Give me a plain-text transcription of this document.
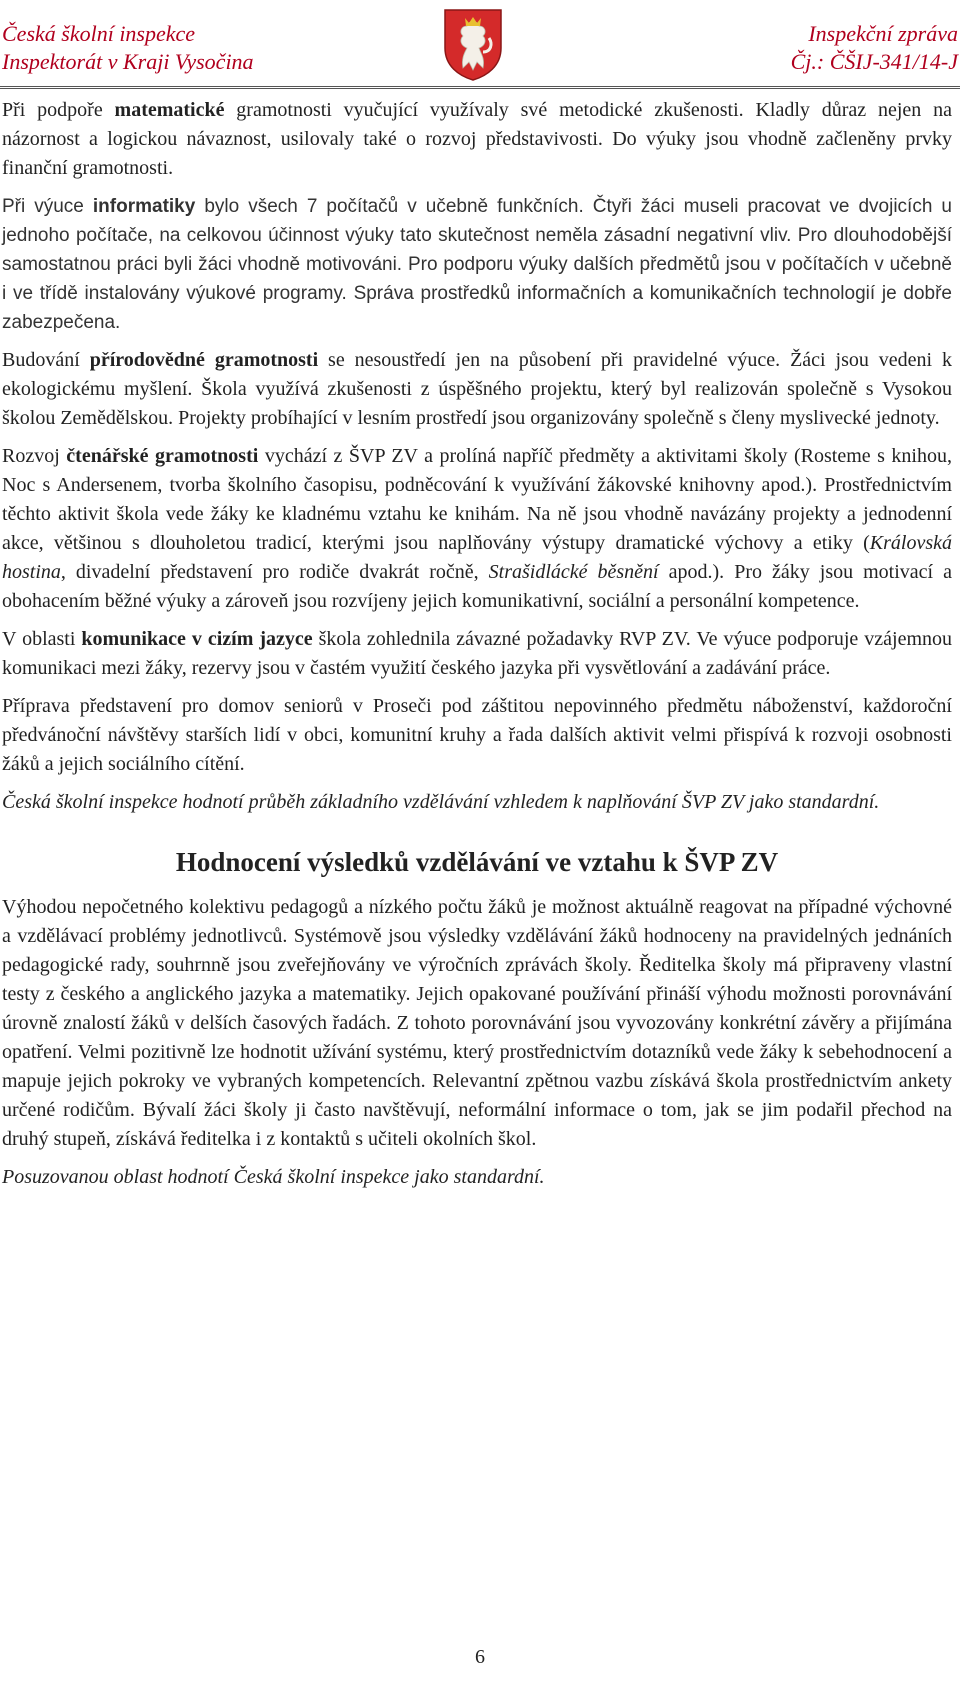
Česká školní inspekce
Inspektorát v Kraji Vysočina
Inspekční zpráva
Čj.: ČŠIJ-341/14-J

Při podpoře matematické gramotnosti vyučující využívaly své metodické zkušenosti. Kladly důraz nejen na názornost a logickou návaznost, usilovaly také o rozvoj představivosti. Do výuky jsou vhodně začleněny prvky finanční gramotnosti.

Při výuce informatiky bylo všech 7 počítačů v učebně funkčních. Čtyři žáci museli pracovat ve dvojicích u jednoho počítače, na celkovou účinnost výuky tato skutečnost neměla zásadní negativní vliv. Pro dlouhodobější samostatnou práci byli žáci vhodně motivováni. Pro podporu výuky dalších předmětů jsou v počítačích v učebně i ve třídě instalovány výukové programy. Správa prostředků informačních a komunikačních technologií je dobře zabezpečena.

Budování přírodovědné gramotnosti se nesoustředí jen na působení při pravidelné výuce. Žáci jsou vedeni k ekologickému myšlení. Škola využívá zkušenosti z úspěšného projektu, který byl realizován společně s Vysokou školou Zemědělskou. Projekty probíhající v lesním prostředí jsou organizovány společně s členy myslivecké jednoty.

Rozvoj čtenářské gramotnosti vychází z ŠVP ZV a prolíná napříč předměty a aktivitami školy (Rosteme s knihou, Noc s Andersenem, tvorba školního časopisu, podněcování k využívání žákovské knihovny apod.). Prostřednictvím těchto aktivit škola vede žáky ke kladnému vztahu ke knihám. Na ně jsou vhodně navázány projekty a jednodenní akce, většinou s dlouholetou tradicí, kterými jsou naplňovány výstupy dramatické výchovy a etiky (Královská hostina, divadelní představení pro rodiče dvakrát ročně, Strašidlácké běsnění apod.). Pro žáky jsou motivací a obohacením běžné výuky a zároveň jsou rozvíjeny jejich komunikativní, sociální a personální kompetence.

V oblasti komunikace v cizím jazyce škola zohlednila závazné požadavky RVP ZV. Ve výuce podporuje vzájemnou komunikaci mezi žáky, rezervy jsou v častém využití českého jazyka při vysvětlování a zadávání práce.

Příprava představení pro domov seniorů v Proseči pod záštitou nepovinného předmětu náboženství, každoroční předvánoční návštěvy starších lidí v obci, komunitní kruhy a řada dalších aktivit velmi přispívá k rozvoji osobnosti žáků a jejich sociálního cítění.

Česká školní inspekce hodnotí průběh základního vzdělávání vzhledem k naplňování ŠVP ZV jako standardní.

Hodnocení výsledků vzdělávání ve vztahu k ŠVP ZV

Výhodou nepočetného kolektivu pedagogů a nízkého počtu žáků je možnost aktuálně reagovat na případné výchovné a vzdělávací problémy jednotlivců. Systémově jsou výsledky vzdělávání žáků hodnoceny na pravidelných jednáních pedagogické rady, souhrnně jsou zveřejňovány ve výročních zprávách školy. Ředitelka školy má připraveny vlastní testy z českého a anglického jazyka a matematiky. Jejich opakované používání přináší výhodu možnosti porovnávání úrovně znalostí žáků v delších časových řadách. Z tohoto porovnávání jsou vyvozovány konkrétní závěry a přijímána opatření. Velmi pozitivně lze hodnotit užívání systému, který prostřednictvím dotazníků vede žáky k sebehodnocení a mapuje jejich pokroky ve vybraných kompetencích. Relevantní zpětnou vazbu získává škola prostřednictvím ankety určené rodičům. Bývalí žáci školy ji často navštěvují, neformální informace o tom, jak se jim podařil přechod na druhý stupeň, získává ředitelka i z kontaktů s učiteli okolních škol.

Posuzovanou oblast hodnotí Česká školní inspekce jako standardní.

6
